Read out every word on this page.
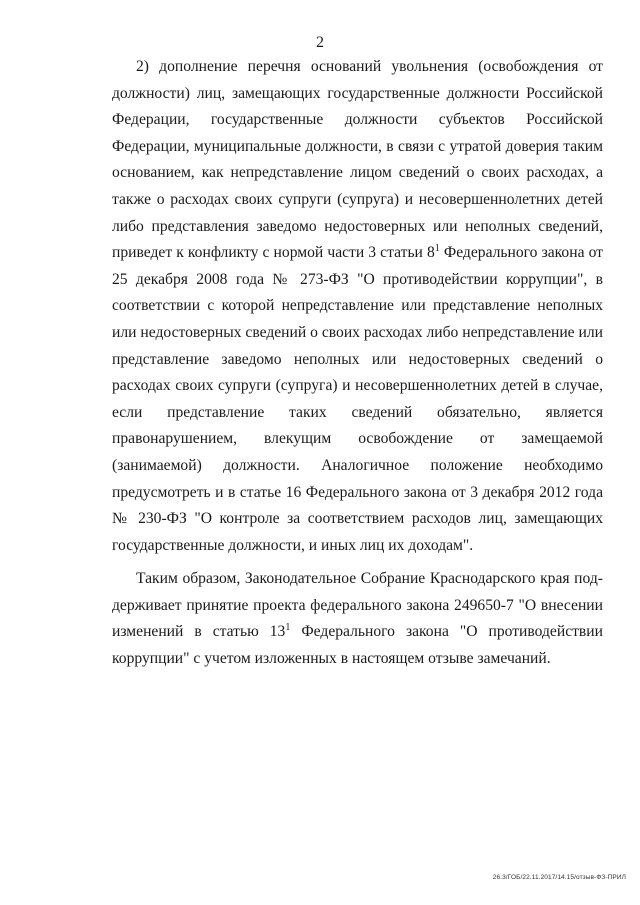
2

2) дополнение перечня оснований увольнения (освобождения от должности) лиц, замещающих государственные должности Российской Федерации, государственные должности субъектов Российской Федерации, муниципальные должности, в связи с утратой доверия таким основанием, как непредставление лицом сведений о своих расходах, а также о расходах своих супруги (супруга) и несовершеннолетних детей либо представления заведомо недостоверных или неполных сведений, приведет к конфликту с нормой части 3 статьи $8^1$ Федерального закона от 25 декабря 2008 года № 273-ФЗ "О противодействии коррупции", в соответствии с которой непредставление или представление неполных или недостоверных сведений о своих расходах либо непредставление или представление заведомо неполных или недостоверных сведений о расходах своих супруги (супруга) и несовершеннолетних детей в случае, если представление таких сведений обязательно, является правонарушением, влекущим освобождение от замещаемой (занимаемой) должности. Аналогичное положение необходимо предусмотреть и в статье 16 Федерального закона от 3 декабря 2012 года № 230-ФЗ "О контроле за соответствием расходов лиц, замещающих государственные должности, и иных лиц их доходам".

Таким образом, Законодательное Собрание Краснодарского края поддерживает принятие проекта федерального закона 249650-7 "О внесении изменений в статью $13^1$ Федерального закона "О противодействии коррупции" с учетом изложенных в настоящем отзыве замечаний.

26.3/ГОБ/22.11.2017/14.15/отзыв-ФЗ-ПРИЛ
